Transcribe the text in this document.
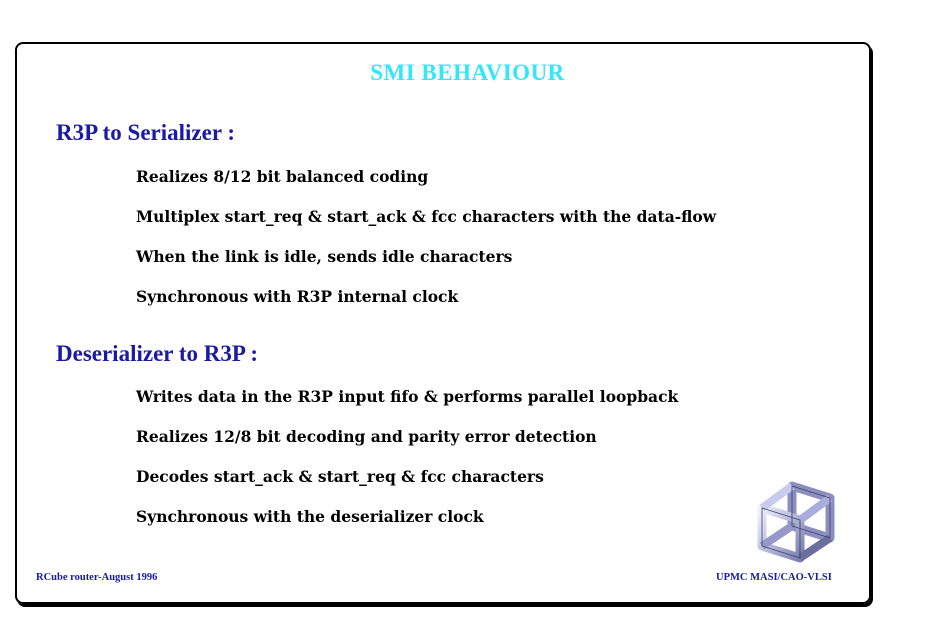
SMI BEHAVIOUR
R3P to Serializer :
Realizes 8/12 bit balanced coding
Multiplex start_req & start_ack & fcc characters with the data-flow
When the link is idle, sends idle characters
Synchronous with R3P internal clock
Deserializer to R3P :
Writes data in the R3P input fifo & performs parallel loopback
Realizes 12/8 bit decoding and parity error detection
Decodes start_ack & start_req & fcc characters
Synchronous with the deserializer clock
RCube router-August 1996	UPMC MASI/CAO-VLSI
